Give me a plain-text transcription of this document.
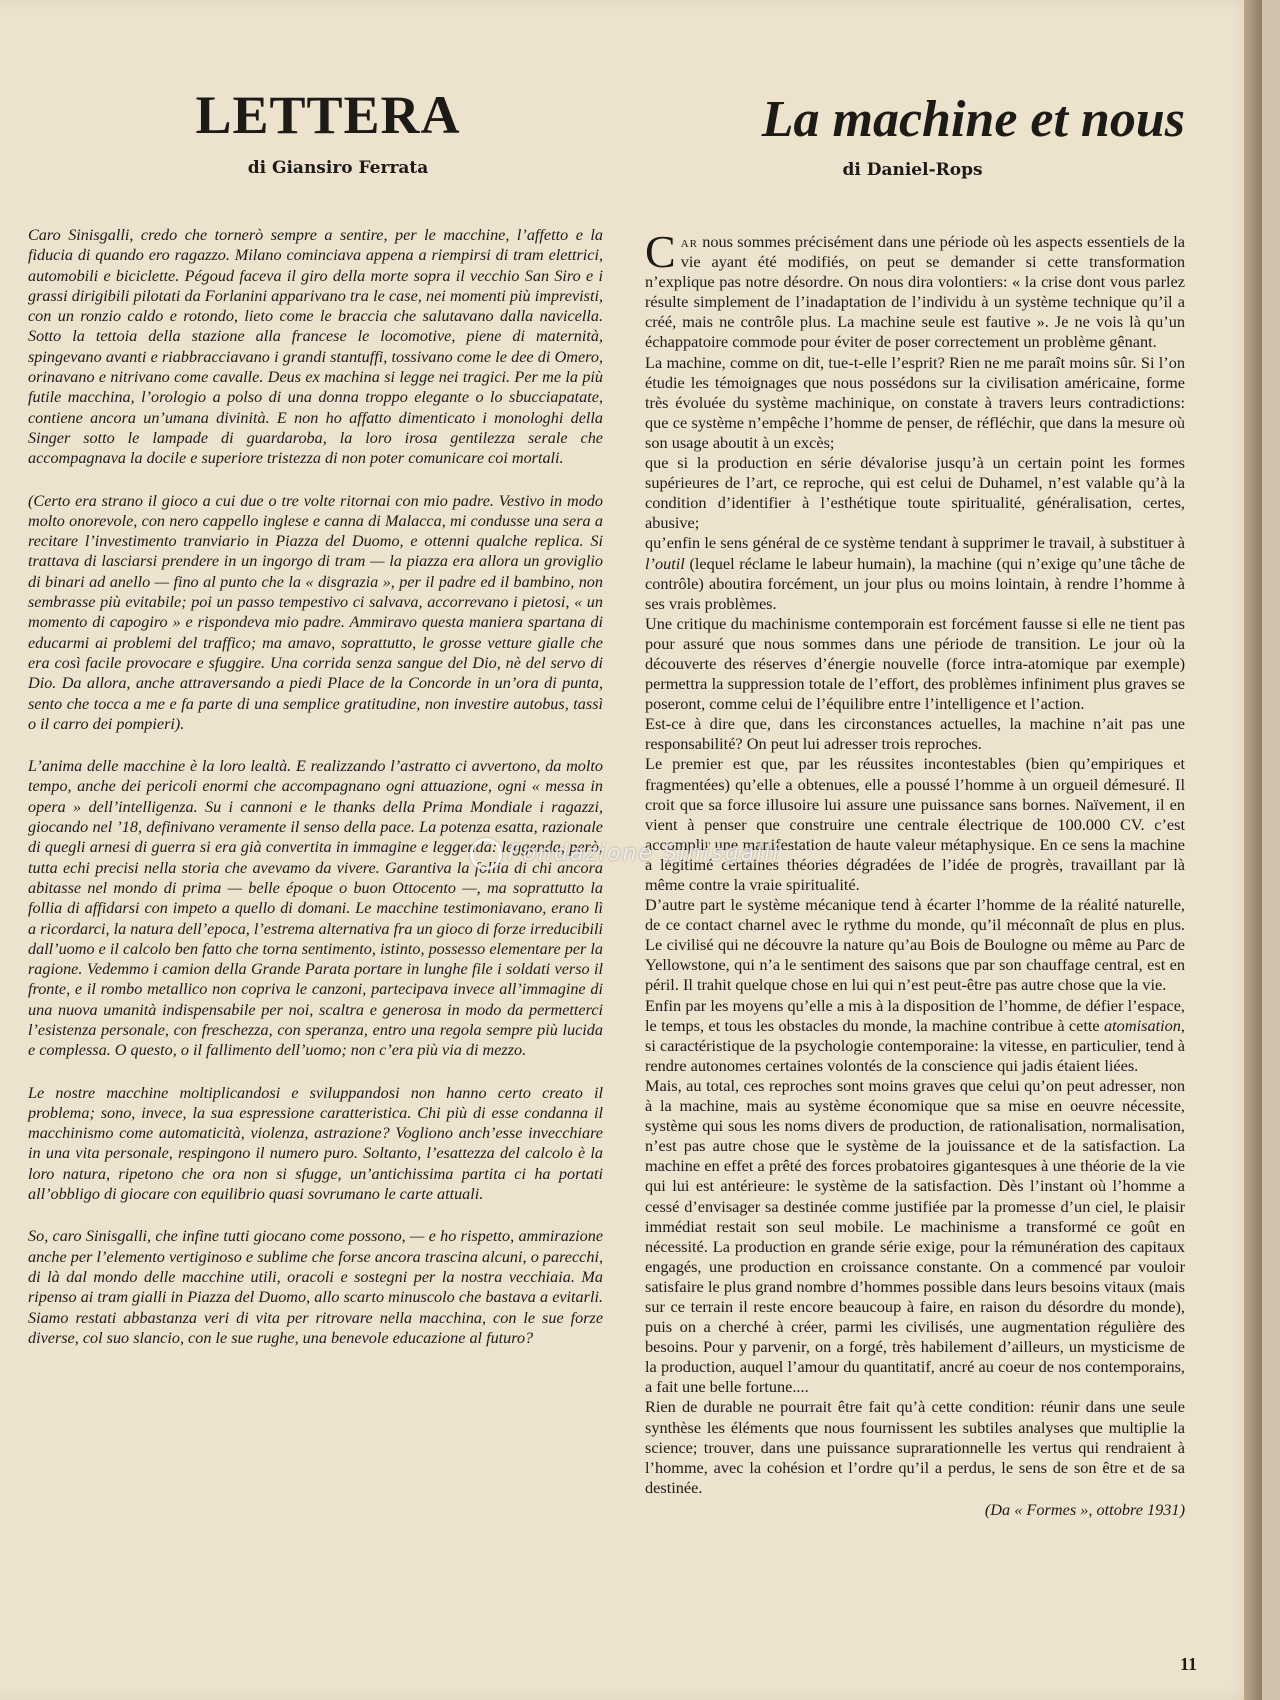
LETTERA
di Giansiro Ferrata

Caro Sinisgalli, credo che tornerò sempre a sentire, per le macchine, l’affetto e la fiducia di quando ero ragazzo. Milano cominciava appena a riempirsi di tram elettrici, automobili e biciclette. Pégoud faceva il giro della morte sopra il vecchio San Siro e i grassi dirigibili pilotati da Forlanini apparivano tra le case, nei momenti più imprevisti, con un ronzio caldo e rotondo, lieto come le braccia che salutavano dalla navicella. Sotto la tettoia della stazione alla francese le locomotive, piene di maternità, spingevano avanti e riabbracciavano i grandi stantuffi, tossivano come le dee di Omero, orinavano e nitrivano come cavalle. Deus ex machina si legge nei tragici. Per me la più futile macchina, l’orologio a polso di una donna troppo elegante o lo sbucciapatate, contiene ancora un’umana divinità. E non ho affatto dimenticato i monologhi della Singer sotto le lampade di guardaroba, la loro irosa gentilezza serale che accompagnava la docile e superiore tristezza di non poter comunicare coi mortali.

(Certo era strano il gioco a cui due o tre volte ritornai con mio padre. Vestivo in modo molto onorevole, con nero cappello inglese e canna di Malacca, mi condusse una sera a recitare l’investimento tranviario in Piazza del Duomo, e ottenni qualche replica. Si trattava di lasciarsi prendere in un ingorgo di tram — la piazza era allora un groviglio di binari ad anello — fino al punto che la « disgrazia », per il padre ed il bambino, non sembrasse più evitabile; poi un passo tempestivo ci salvava, accorrevano i pietosi, « un momento di capogiro » e rispondeva mio padre. Ammiravo questa maniera spartana di educarmi ai problemi del traffico; ma amavo, soprattutto, le grosse vetture gialle che era così facile provocare e sfuggire. Una corrida senza sangue del Dio, nè del servo di Dio. Da allora, anche attraversando a piedi Place de la Concorde in un’ora di punta, sento che tocca a me e fa parte di una semplice gratitudine, non investire autobus, tassì o il carro dei pompieri).

L’anima delle macchine è la loro lealtà. E realizzando l’astratto ci avvertono, da molto tempo, anche dei pericoli enormi che accompagnano ogni attuazione, ogni « messa in opera » dell’intelligenza. Su i cannoni e le thanks della Prima Mondiale i ragazzi, giocando nel ’18, definivano veramente il senso della pace. La potenza esatta, razionale di quegli arnesi di guerra si era già convertita in immagine e leggenda: leggenda, però, tutta echi precisi nella storia che avevamo da vivere. Garantiva la follia di chi ancora abitasse nel mondo di prima — belle époque o buon Ottocento —, ma soprattutto la follia di affidarsi con impeto a quello di domani. Le macchine testimoniavano, erano lì a ricordarci, la natura dell’epoca, l’estrema alternativa fra un gioco di forze irreducibili dall’uomo e il calcolo ben fatto che torna sentimento, istinto, possesso elementare per la ragione. Vedemmo i camion della Grande Parata portare in lunghe file i soldati verso il fronte, e il rombo metallico non copriva le canzoni, partecipava invece all’immagine di una nuova umanità indispensabile per noi, scaltra e generosa in modo da permetterci l’esistenza personale, con freschezza, con speranza, entro una regola sempre più lucida e complessa. O questo, o il fallimento dell’uomo; non c’era più via di mezzo.

Le nostre macchine moltiplicandosi e sviluppandosi non hanno certo creato il problema; sono, invece, la sua espressione caratteristica. Chi più di esse condanna il macchinismo come automaticità, violenza, astrazione? Vogliono anch’esse invecchiare in una vita personale, respingono il numero puro. Soltanto, l’esattezza del calcolo è la loro natura, ripetono che ora non si sfugge, un’antichissima partita ci ha portati all’obbligo di giocare con equilibrio quasi sovrumano le carte attuali.

So, caro Sinisgalli, che infine tutti giocano come possono, — e ho rispetto, ammirazione anche per l’elemento vertiginoso e sublime che forse ancora trascina alcuni, o parecchi, di là dal mondo delle macchine utili, oracoli e sostegni per la nostra vecchiaia. Ma ripenso ai tram gialli in Piazza del Duomo, allo scarto minuscolo che bastava a evitarli. Siamo restati abbastanza veri di vita per ritrovare nella macchina, con le sue forze diverse, col suo slancio, con le sue rughe, una benevole educazione al futuro?

La machine et nous
di Daniel-Rops

Car nous sommes précisément dans une période où les aspects essentiels de la vie ayant été modifiés, on peut se demander si cette transformation n’explique pas notre désordre. On nous dira volontiers: « la crise dont vous parlez résulte simplement de l’inadaptation de l’individu à un système technique qu’il a créé, mais ne contrôle plus. La machine seule est fautive ». Je ne vois là qu’un échappatoire commode pour éviter de poser correctement un problème gênant.

La machine, comme on dit, tue-t-elle l’esprit? Rien ne me paraît moins sûr. Si l’on étudie les témoignages que nous possédons sur la civilisation américaine, forme très évoluée du système machinique, on constate à travers leurs contradictions: que ce système n’empêche l’homme de penser, de réfléchir, que dans la mesure où son usage aboutit à un excès;

que si la production en série dévalorise jusqu’à un certain point les formes supérieures de l’art, ce reproche, qui est celui de Duhamel, n’est valable qu’à la condition d’identifier à l’esthétique toute spiritualité, généralisation, certes, abusive;

qu’enfin le sens général de ce système tendant à supprimer le travail, à substituer à l’outil (lequel réclame le labeur humain), la machine (qui n’exige qu’une tâche de contrôle) aboutira forcément, un jour plus ou moins lointain, à rendre l’homme à ses vrais problèmes.

Une critique du machinisme contemporain est forcément fausse si elle ne tient pas pour assuré que nous sommes dans une période de transition. Le jour où la découverte des réserves d’énergie nouvelle (force intra-atomique par exemple) permettra la suppression totale de l’effort, des problèmes infiniment plus graves se poseront, comme celui de l’équilibre entre l’intelligence et l’action.

Est-ce à dire que, dans les circonstances actuelles, la machine n’ait pas une responsabilité? On peut lui adresser trois reproches.

Le premier est que, par les réussites incontestables (bien qu’empiriques et fragmentées) qu’elle a obtenues, elle a poussé l’homme à un orgueil démesuré. Il croit que sa force illusoire lui assure une puissance sans bornes. Naïvement, il en vient à penser que construire une centrale électrique de 100.000 CV. c’est accomplir une manifestation de haute valeur métaphysique. En ce sens la machine a légitimé certaines théories dégradées de l’idée de progrès, travaillant par là même contre la vraie spiritualité.

D’autre part le système mécanique tend à écarter l’homme de la réalité naturelle, de ce contact charnel avec le rythme du monde, qu’il méconnaît de plus en plus. Le civilisé qui ne découvre la nature qu’au Bois de Boulogne ou même au Parc de Yellowstone, qui n’a le sentiment des saisons que par son chauffage central, est en péril. Il trahit quelque chose en lui qui n’est peut-être pas autre chose que la vie.

Enfin par les moyens qu’elle a mis à la disposition de l’homme, de défier l’espace, le temps, et tous les obstacles du monde, la machine contribue à cette atomisation, si caractéristique de la psychologie contemporaine: la vitesse, en particulier, tend à rendre autonomes certaines volontés de la conscience qui jadis étaient liées.

Mais, au total, ces reproches sont moins graves que celui qu’on peut adresser, non à la machine, mais au système économique que sa mise en oeuvre nécessite, système qui sous les noms divers de production, de rationalisation, normalisation, n’est pas autre chose que le système de la jouissance et de la satisfaction. La machine en effet a prêté des forces probatoires gigantesques à une théorie de la vie qui lui est antérieure: le système de la satisfaction. Dès l’instant où l’homme a cessé d’envisager sa destinée comme justifiée par la promesse d’un ciel, le plaisir immédiat restait son seul mobile. Le machinisme a transformé ce goût en nécessité. La production en grande série exige, pour la rémunération des capitaux engagés, une production en croissance constante. On a commencé par vouloir satisfaire le plus grand nombre d’hommes possible dans leurs besoins vitaux (mais sur ce terrain il reste encore beaucoup à faire, en raison du désordre du monde), puis on a cherché à créer, parmi les civilisés, une augmentation régulière des besoins. Pour y parvenir, on a forgé, très habilement d’ailleurs, un mysticisme de la production, auquel l’amour du quantitatif, ancré au coeur de nos contemporains, a fait une belle fortune....

Rien de durable ne pourrait être fait qu’à cette condition: réunir dans une seule synthèse les éléments que nous fournissent les subtiles analyses que multiplie la science; trouver, dans une puissance suprarationnelle les vertus qui rendraient à l’homme, avec la cohésion et l’ordre qu’il a perdus, le sens de son être et de sa destinée.

(Da « Formes », ottobre 1931)

Fondazione Sinisgalli
11
